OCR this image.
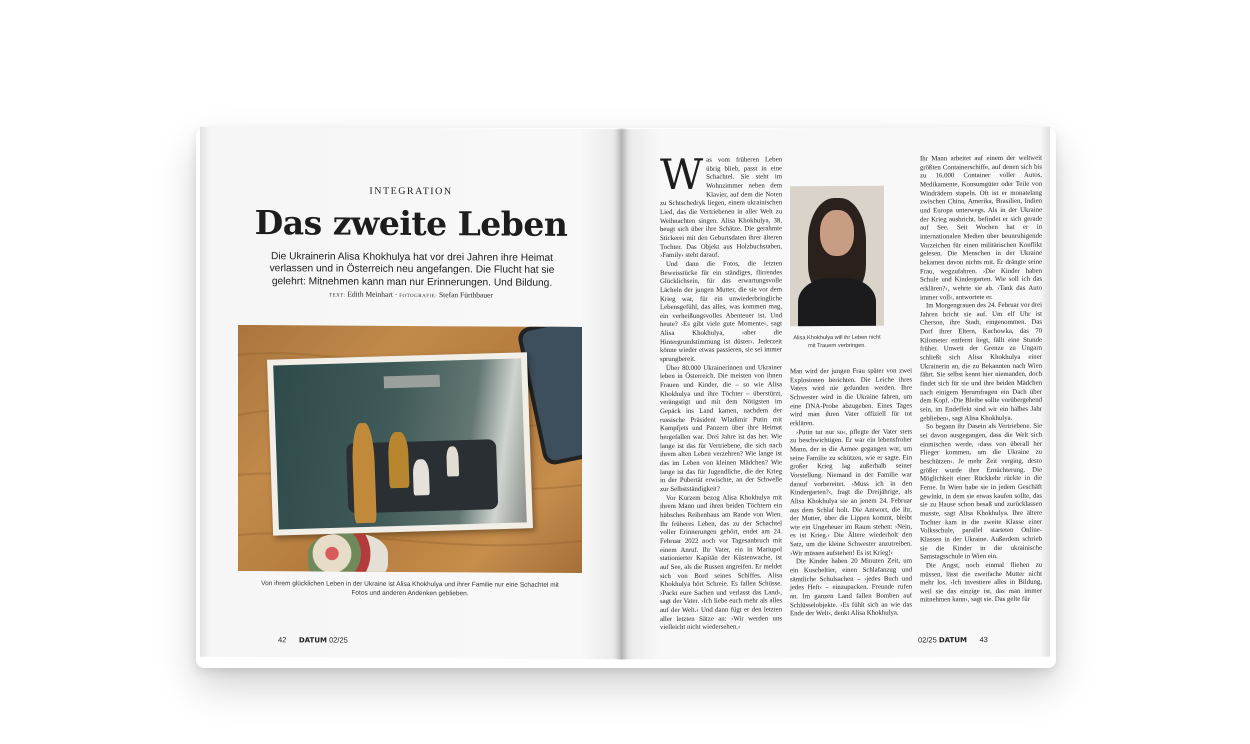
INTEGRATION
Das zweite Leben
Die Ukrainerin Alisa Khokhulya hat vor drei Jahren ihre Heimat verlassen und in Österreich neu angefangen. Die Flucht hat sie gelehrt: Mitnehmen kann man nur Erinnerungen. Und Bildung.
TEXT: Edith Meinhart · FOTOGRAFIE: Stefan Fürthbauer
Von ihrem glücklichen Leben in der Ukraine ist Alisa Khokhulya und ihrer Familie nur eine Schachtel mit Fotos und anderen Andenken geblieben.
42 DATUM 02/25

Was vom früheren Leben übrig blieb, passt in eine Schachtel. Sie steht im Wohnzimmer neben dem Klavier, auf dem die Noten zu Schtschedryk liegen, einem ukrainischen Lied, das die Vertriebenen in aller Welt zu Weihnachten singen. Alisa Khokhulya, 38, beugt sich über ihre Schätze. Die gerahmte Stickerei mit den Geburtsdaten ihrer älteren Tochter. Das Objekt aus Holzbuchstaben, ›Family‹ steht darauf.

Und dann die Fotos, die letzten Beweisstücke für ein ständiges, flirrendes Glücklichsein, für das erwartungsvolle Lächeln der jungen Mutter, die sie vor dem Krieg war, für ein unwiederbringliche Lebensgefühl, das alles, was kommen mag, ein verheißungsvolles Abenteuer ist. Und heute? ›Es gibt viele gute Momente‹, sagt Alisa Khokhulya, ›aber die Hintergrundstimmung ist düster‹. Jederzeit könne wieder etwas passieren, sie sei immer sprungbereit.

Über 80.000 Ukrainerinnen und Ukrainer leben in Österreich. Die meisten von ihnen Frauen und Kinder, die – so wie Alisa Khokhulya und ihre Töchter – überstürzt, verängstigt und mit dem Nötigsten im Gepäck ins Land kamen, nachdem der russische Präsident Wladimir Putin mit Kampfjets und Panzern über ihre Heimat hergefallen war. Drei Jahre ist das her. Wie lange ist das für Vertriebene, die sich nach ihrem alten Leben verzehren? Wie lange ist das im Leben von kleinen Mädchen? Wie lange ist das für Jugendliche, die der Krieg in der Pubertät erwischte, an der Schwelle zur Selbstständigkeit?

Vor Kurzem bezog Alisa Khokhulya mit ihrem Mann und ihren beiden Töchtern ein hübsches Reihenhaus am Rande von Wien. Ihr früheres Leben, das zu der Schachtel voller Erinnerungen gehört, endet am 24. Februar 2022 noch vor Tagesanbruch mit einem Anruf. Ihr Vater, ein in Mariupol stationierter Kapitän der Küstenwache, ist auf See, als die Russen angreifen. Er meldet sich von Bord seines Schiffes. Alisa Khokhulya hört Schreie. Es fallen Schüsse. ›Packt eure Sachen und verlasst das Land‹, sagt der Vater. ›Ich liebe euch mehr als alles auf der Welt.‹ Und dann fügt er den letzten aller letzten Sätze an: ›Wir werden uns vielleicht nicht wiedersehen.‹

Alisa Khokhulya will ihr Leben nicht mit Trauern verbringen.

Man wird der jungen Frau später von zwei Explosionen berichten. Die Leiche ihres Vaters wird nie gefunden werden. Ihre Schwester wird in die Ukraine fahren, um eine DNA-Probe abzugeben. Eines Tages wird man ihren Vater offiziell für tot erklären.

›Putin tut nur so‹, pflegte der Vater stets zu beschwichtigen. Er war ein lebensfroher Mann, der in die Armee gegangen war, um seine Familie zu schützen, wie er sagte. Ein großer Krieg lag außerhalb seiner Vorstellung. Niemand in der Familie war darauf vorbereitet. ›Muss ich in den Kindergarten?‹, fragt die Dreijährige, als Alisa Khokhulya sie an jenem 24. Februar aus dem Schlaf holt. Die Antwort, die ihr, der Mutter, über die Lippen kommt, bleibt wie ein Ungeheuer im Raum stehen: ›Nein, es ist Krieg.‹ Die Ältere wiederholt den Satz, um die kleine Schwester anzutreiben. ›Wir müssen aufstehen! Es ist Krieg!‹

Die Kinder haben 20 Minuten Zeit, um ein Kuscheltier, einen Schlafanzug und sämtliche Schulsachen – ›jedes Buch und jedes Heft‹ – einzupacken. Freunde rufen an. Im ganzen Land fallen Bomben auf Schlüsselobjekte. ›Es fühlt sich an wie das Ende der Welt‹, denkt Alisa Khokhulya.

Ihr Mann arbeitet auf einem der weltweit größten Containerschiffe, auf denen sich bis zu 16.000 Container voller Autos, Medikamente, Konsumgüter oder Teile von Windrädern stapeln. Oft ist er monatelang zwischen China, Amerika, Brasilien, Indien und Europa unterwegs. Als in der Ukraine der Krieg ausbricht, befindet er sich gerade auf See. Seit Wochen hat er in internationalen Medien über beunruhigende Vorzeichen für einen militärischen Konflikt gelesen. Die Menschen in der Ukraine bekamen davon nichts mit. Er drängte seine Frau, wegzufahren. ›Die Kinder haben Schule und Kindergarten. Wie soll ich das erklären?‹, wehrte sie ab. ›Tank das Auto immer voll‹, antwortete er.

Im Morgengrauen des 24. Februar vor drei Jahren bricht sie auf. Um elf Uhr ist Cherson, ihre Stadt, eingenommen. Das Dorf ihrer Eltern, Kachowka, das 70 Kilometer entfernt liegt, fällt eine Stunde früher. Unweit der Grenze zu Ungarn schließt sich Alisa Khokhulya einer Ukrainerin an, die zu Bekannten nach Wien fährt. Sie selbst kennt hier niemanden, doch findet sich für sie und ihre beiden Mädchen nach einigem Herumfragen ein Dach über dem Kopf. ›Die Bleibe sollte vorübergehend sein, im Endeffekt sind wir ein halbes Jahr geblieben‹, sagt Alisa Khokhulya.

So begann ihr Dasein als Vertriebene. Sie sei davon ausgegangen, dass die Welt sich einmischen werde, ›dass von überall her Flieger kommen, um die Ukraine zu beschützen‹. Je mehr Zeit verging, desto größer wurde ihre Ernüchterung. Die Möglichkeit einer Rückkehr rückte in die Ferne. In Wien habe sie in jedem Geschäft gewinkt, in dem sie etwas kaufen sollte, das sie zu Hause schon besaß und zurücklassen musste, sagt Alisa Khokhulya. Ihre ältere Tochter kam in die zweite Klasse einer Volksschule, parallel starteten Online-Klassen in der Ukraine. Außerdem schrieb sie die Kinder in die ukrainische Samstagsschule in Wien ein.

Die Angst, noch einmal fliehen zu müssen, lässt die zweifache Mutter nicht mehr los. ›Ich investiere alles in Bildung, weil sie das einzige ist, das man immer mitnehmen kann‹, sagt sie. Das gelte für

02/25 DATUM 43
